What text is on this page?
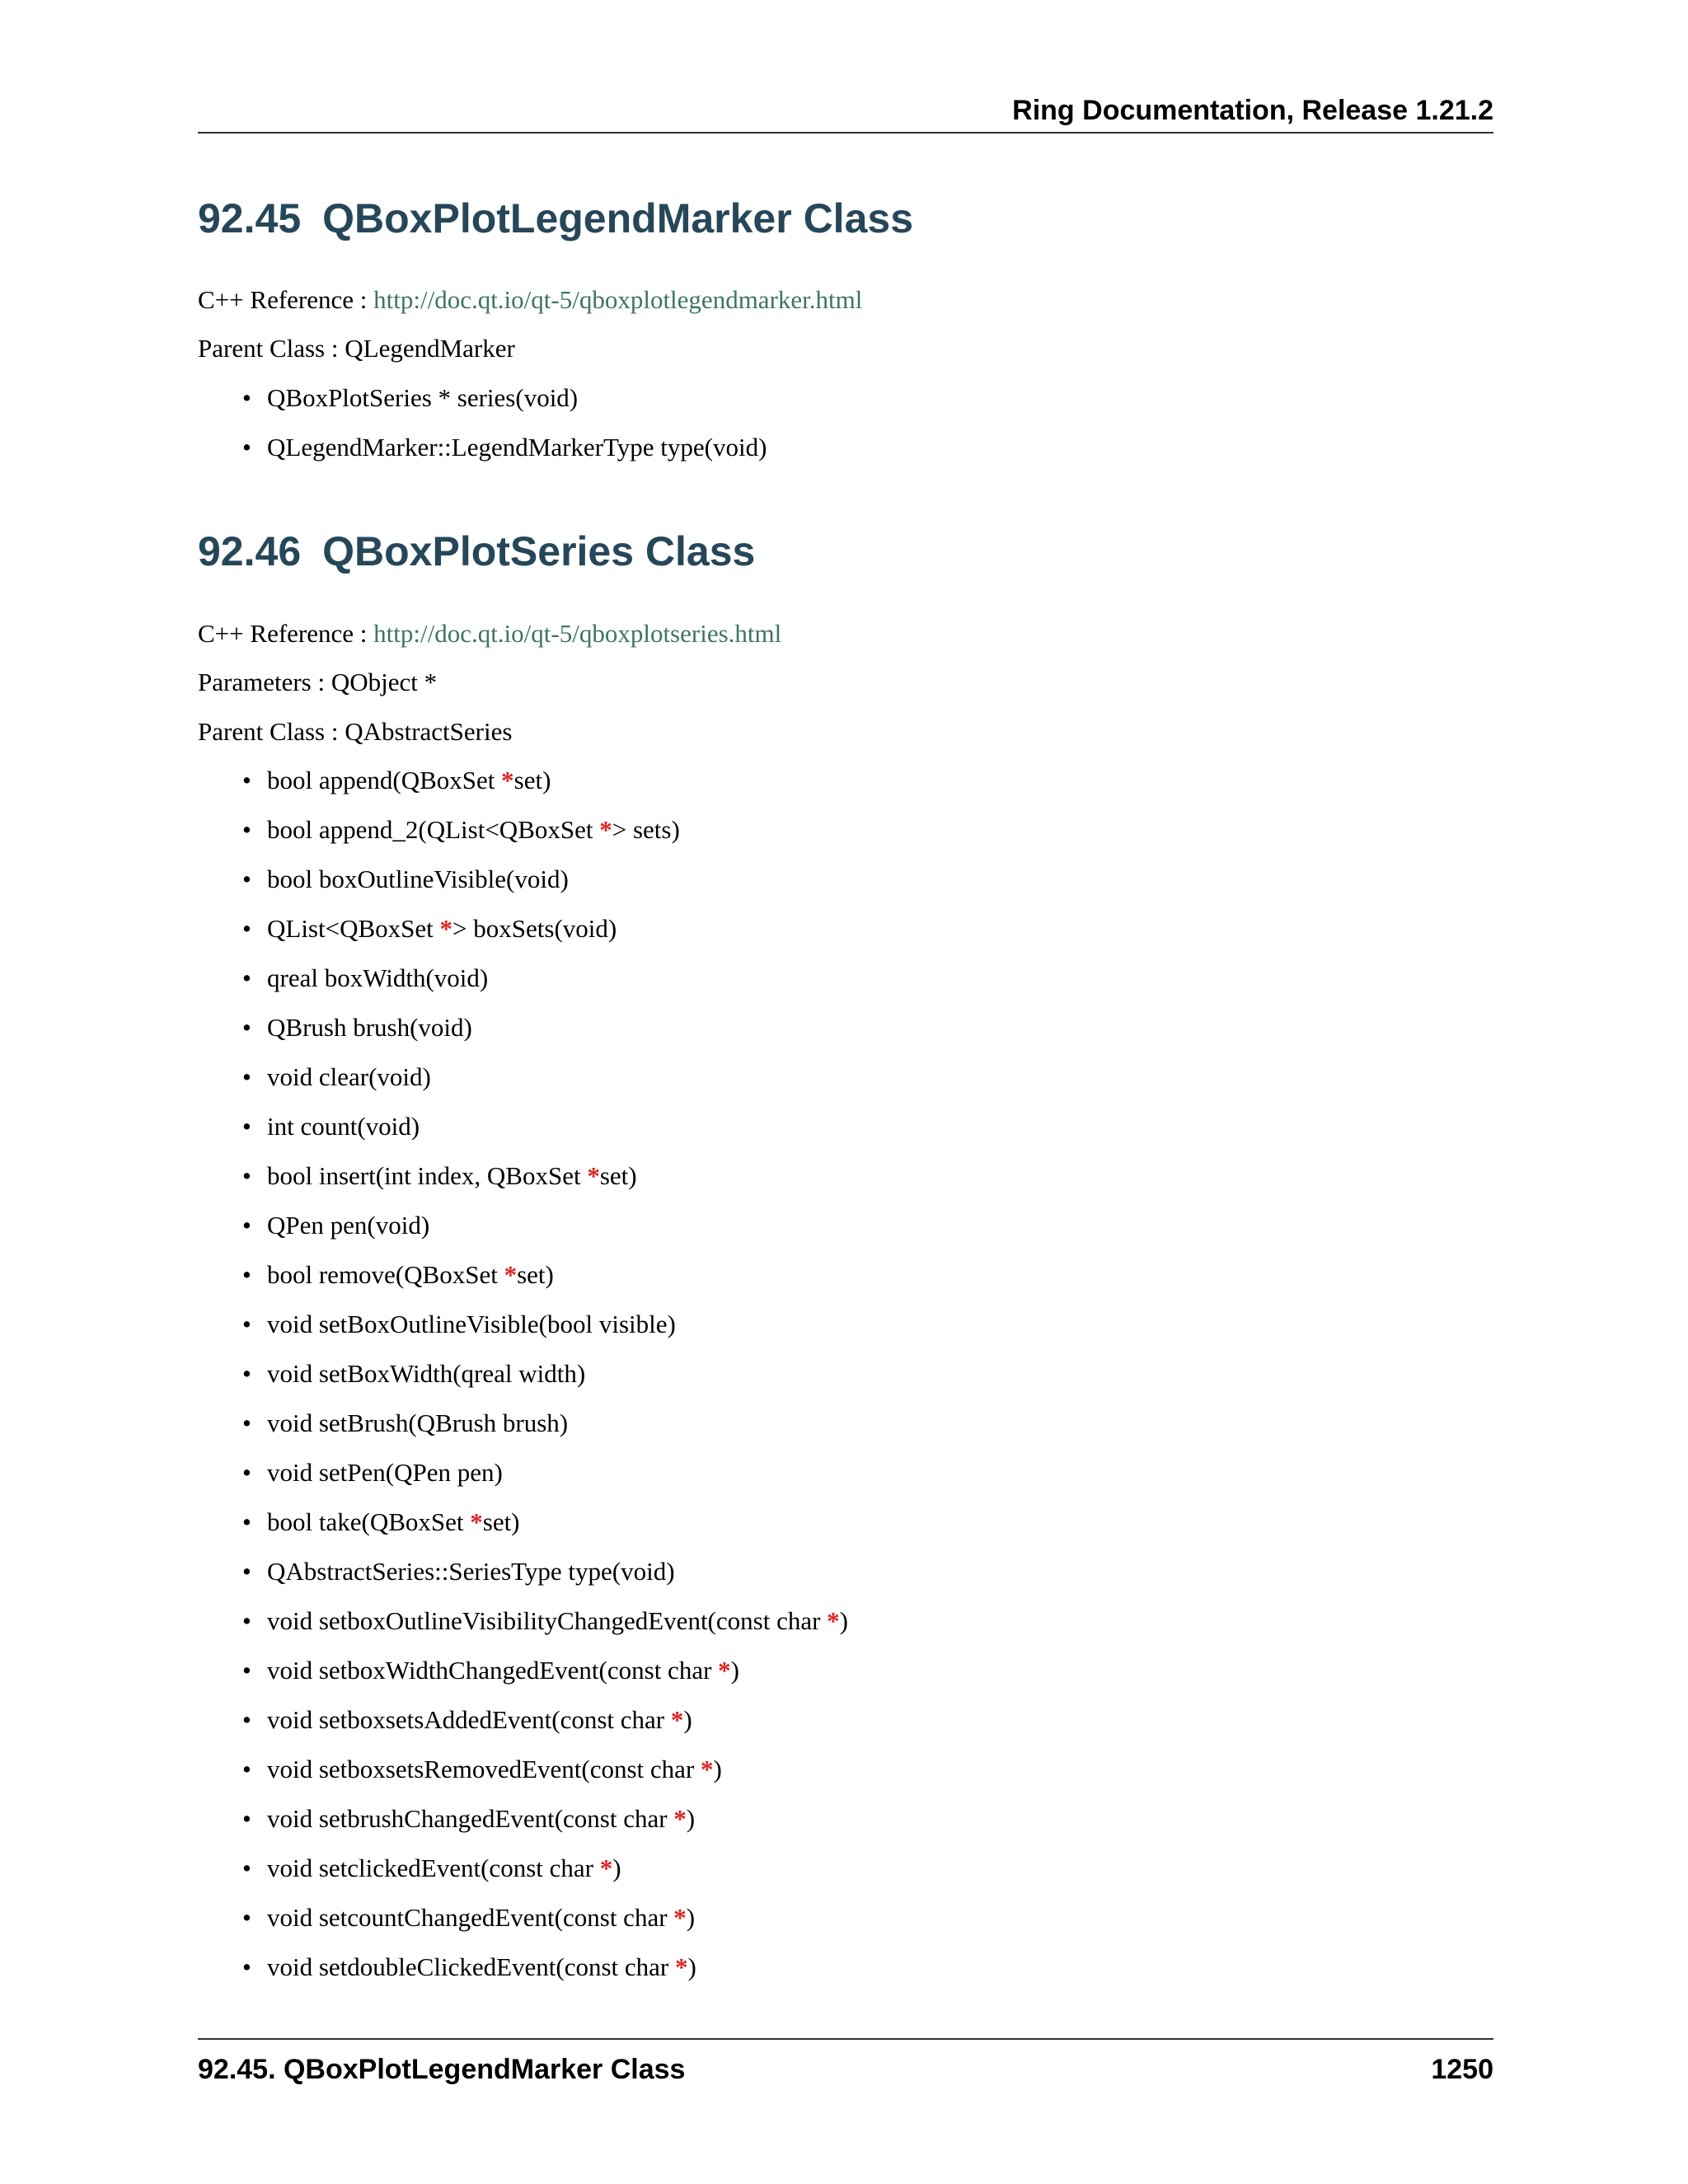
Ring Documentation, Release 1.21.2
92.45 QBoxPlotLegendMarker Class

C++ Reference : http://doc.qt.io/qt-5/qboxplotlegendmarker.html

Parent Class : QLegendMarker

• QBoxPlotSeries * series(void)
• QLegendMarker::LegendMarkerType type(void)
92.46 QBoxPlotSeries Class

C++ Reference : http://doc.qt.io/qt-5/qboxplotseries.html

Parameters : QObject *

Parent Class : QAbstractSeries

• bool append(QBoxSet *set)
• bool append_2(QList<QBoxSet *> sets)
• bool boxOutlineVisible(void)
• QList<QBoxSet *> boxSets(void)
• qreal boxWidth(void)
• QBrush brush(void)
• void clear(void)
• int count(void)
• bool insert(int index, QBoxSet *set)
• QPen pen(void)
• bool remove(QBoxSet *set)
• void setBoxOutlineVisible(bool visible)
• void setBoxWidth(qreal width)
• void setBrush(QBrush brush)
• void setPen(QPen pen)
• bool take(QBoxSet *set)
• QAbstractSeries::SeriesType type(void)
• void setboxOutlineVisibilityChangedEvent(const char *)
• void setboxWidthChangedEvent(const char *)
• void setboxsetsAddedEvent(const char *)
• void setboxsetsRemovedEvent(const char *)
• void setbrushChangedEvent(const char *)
• void setclickedEvent(const char *)
• void setcountChangedEvent(const char *)
• void setdoubleClickedEvent(const char *)
92.45. QBoxPlotLegendMarker Class	1250
